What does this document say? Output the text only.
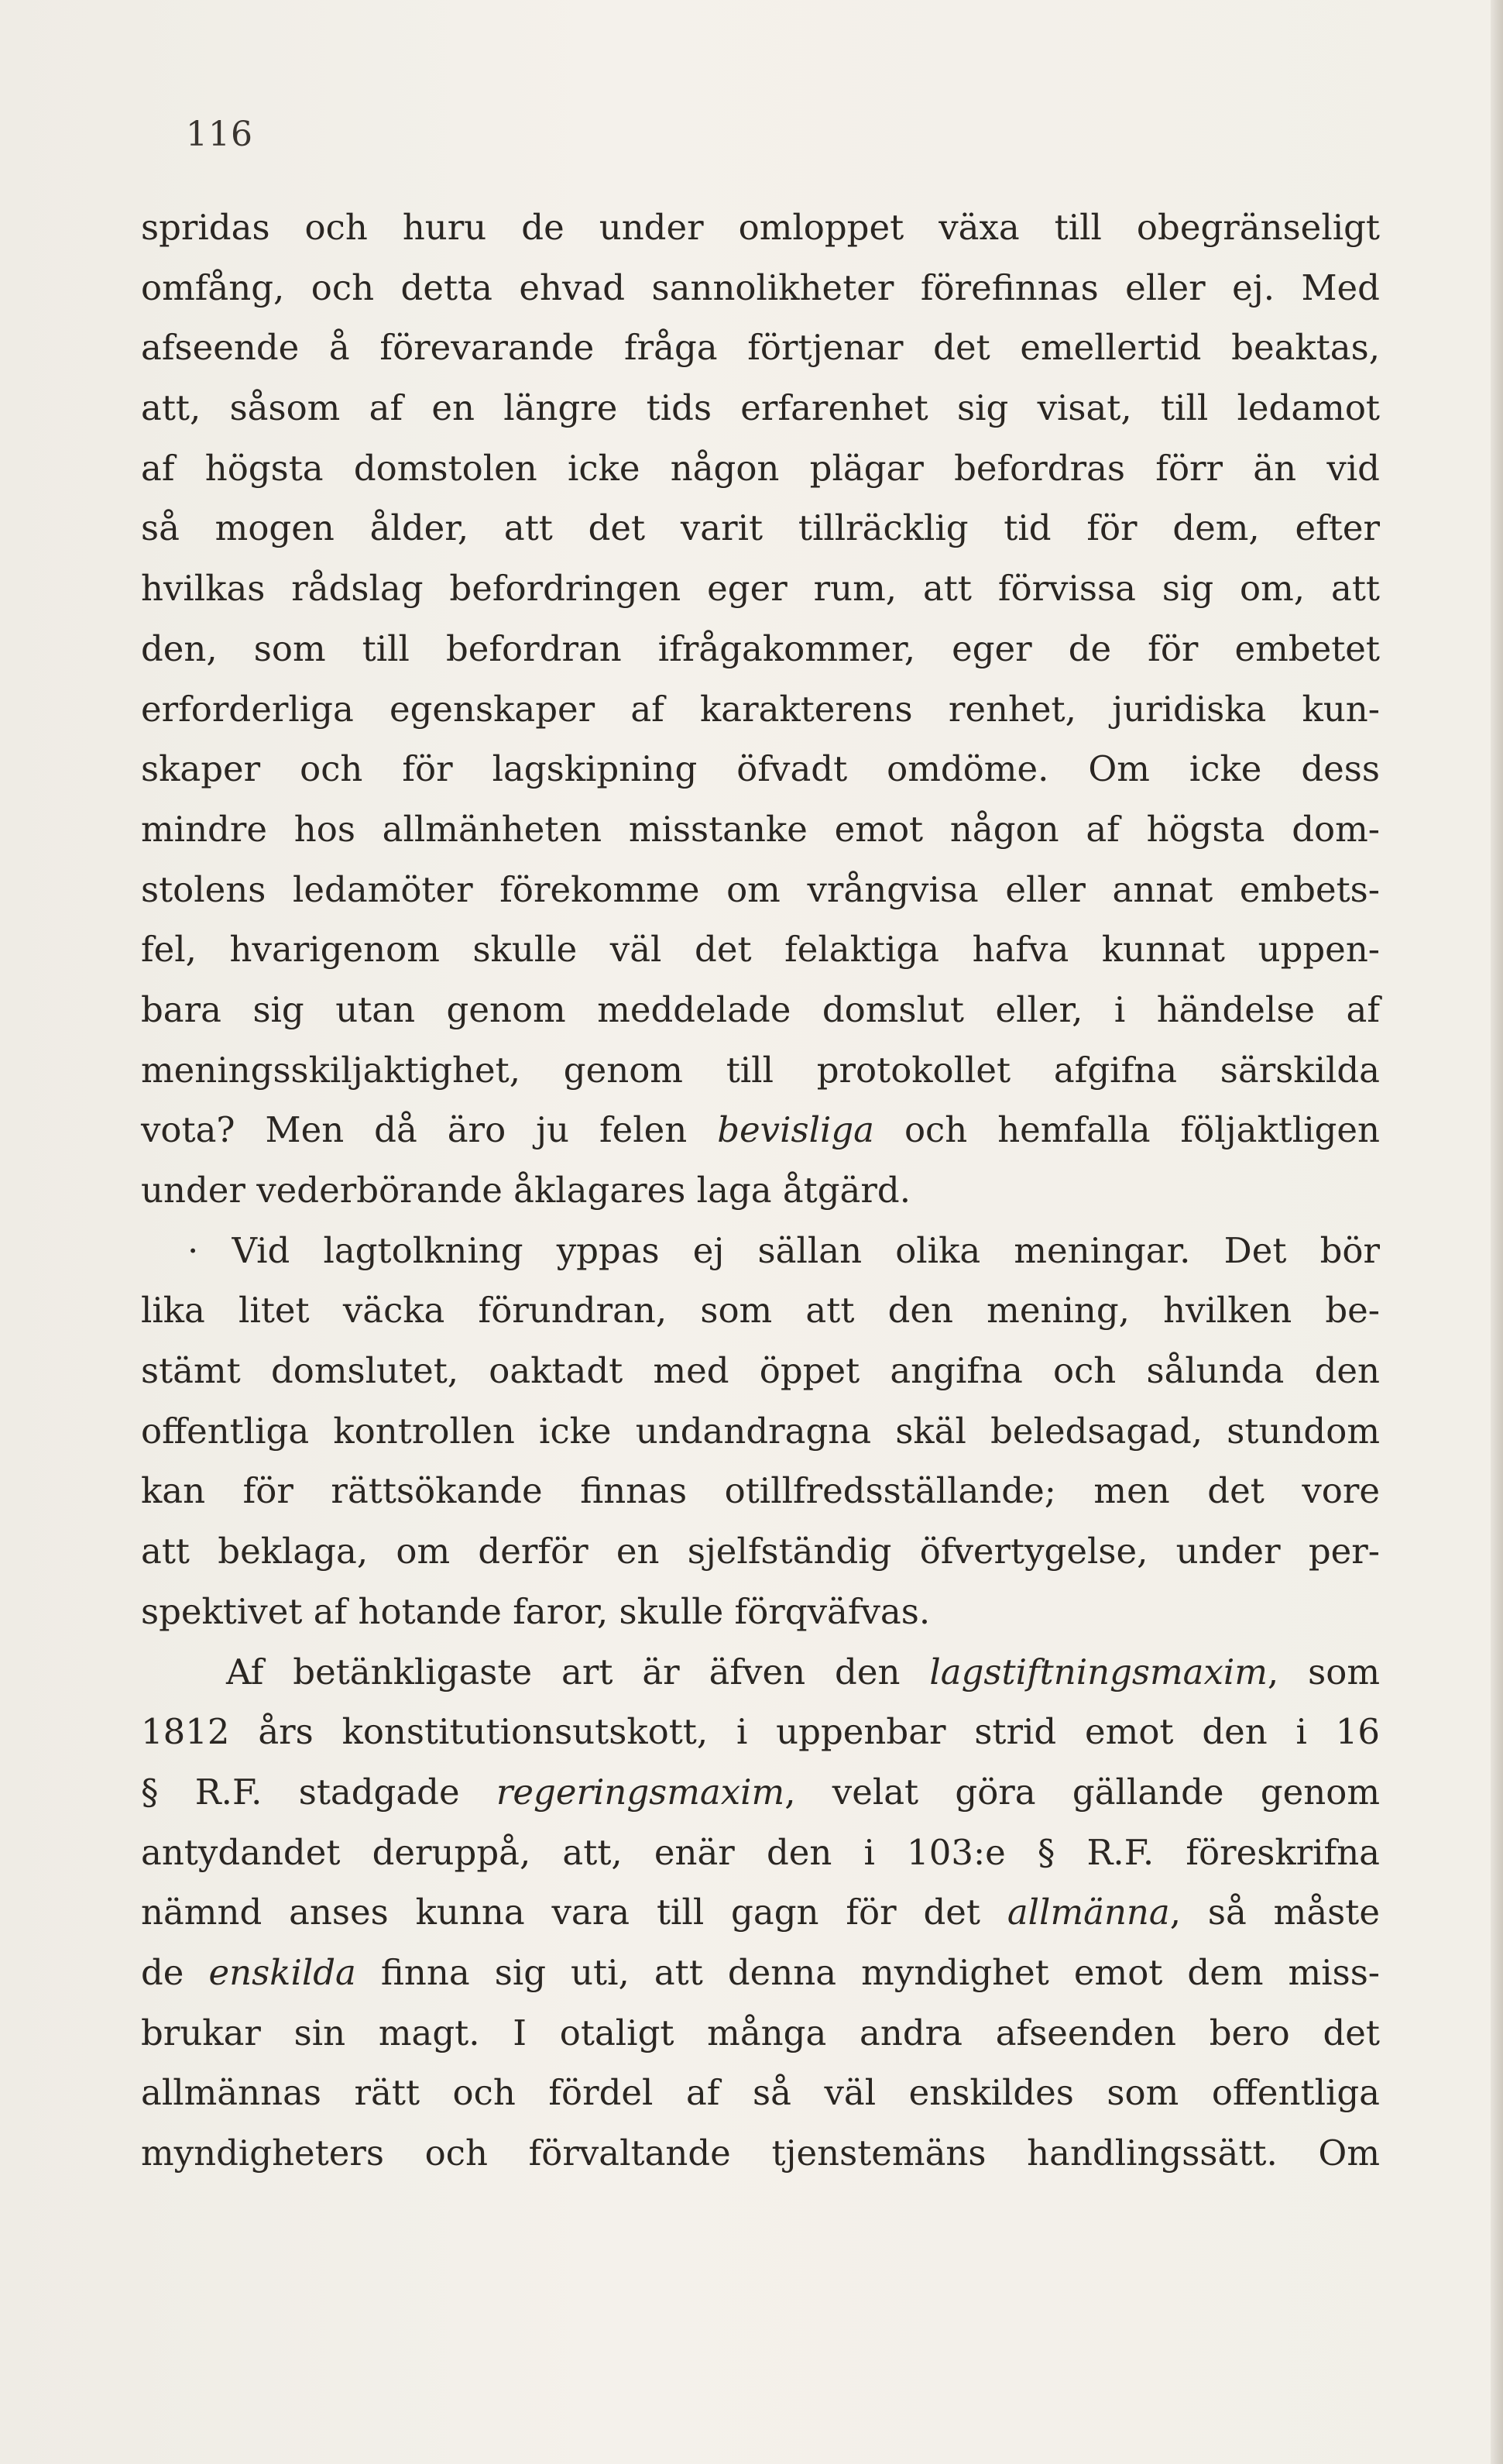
116
spridas och huru de under omloppet växa till obegränseligt
omfång, och detta ehvad sannolikheter förefinnas eller ej. Med
afseende å förevarande fråga förtjenar det emellertid beaktas,
att, såsom af en längre tids erfarenhet sig visat, till ledamot
af högsta domstolen icke någon plägar befordras förr än vid
så mogen ålder, att det varit tillräcklig tid för dem, efter
hvilkas rådslag befordringen eger rum, att förvissa sig om, att
den, som till befordran ifrågakommer, eger de för embetet
erforderliga egenskaper af karakterens renhet, juridiska kun-
skaper och för lagskipning öfvadt omdöme. Om icke dess
mindre hos allmänheten misstanke emot någon af högsta dom-
stolens ledamöter förekomme om vrångvisa eller annat embets-
fel, hvarigenom skulle väl det felaktiga hafva kunnat uppen-
bara sig utan genom meddelade domslut eller, i händelse af
meningsskiljaktighet, genom till protokollet afgifna särskilda
vota? Men då äro ju felen bevisliga och hemfalla följaktligen
under vederbörande åklagares laga åtgärd.
· Vid lagtolkning yppas ej sällan olika meningar. Det bör
lika litet väcka förundran, som att den mening, hvilken be-
stämt domslutet, oaktadt med öppet angifna och sålunda den
offentliga kontrollen icke undandragna skäl beledsagad, stundom
kan för rättsökande finnas otillfredsställande; men det vore
att beklaga, om derför en sjelfständig öfvertygelse, under per-
spektivet af hotande faror, skulle förqväfvas.
Af betänkligaste art är äfven den lagstiftningsmaxim, som
1812 års konstitutionsutskott, i uppenbar strid emot den i 16
§ R.F. stadgade regeringsmaxim, velat göra gällande genom
antydandet deruppå, att, enär den i 103:e § R.F. föreskrifna
nämnd anses kunna vara till gagn för det allmänna, så måste
de enskilda finna sig uti, att denna myndighet emot dem miss-
brukar sin magt. I otaligt många andra afseenden bero det
allmännas rätt och fördel af så väl enskildes som offentliga
myndigheters och förvaltande tjenstemäns handlingssätt. Om
